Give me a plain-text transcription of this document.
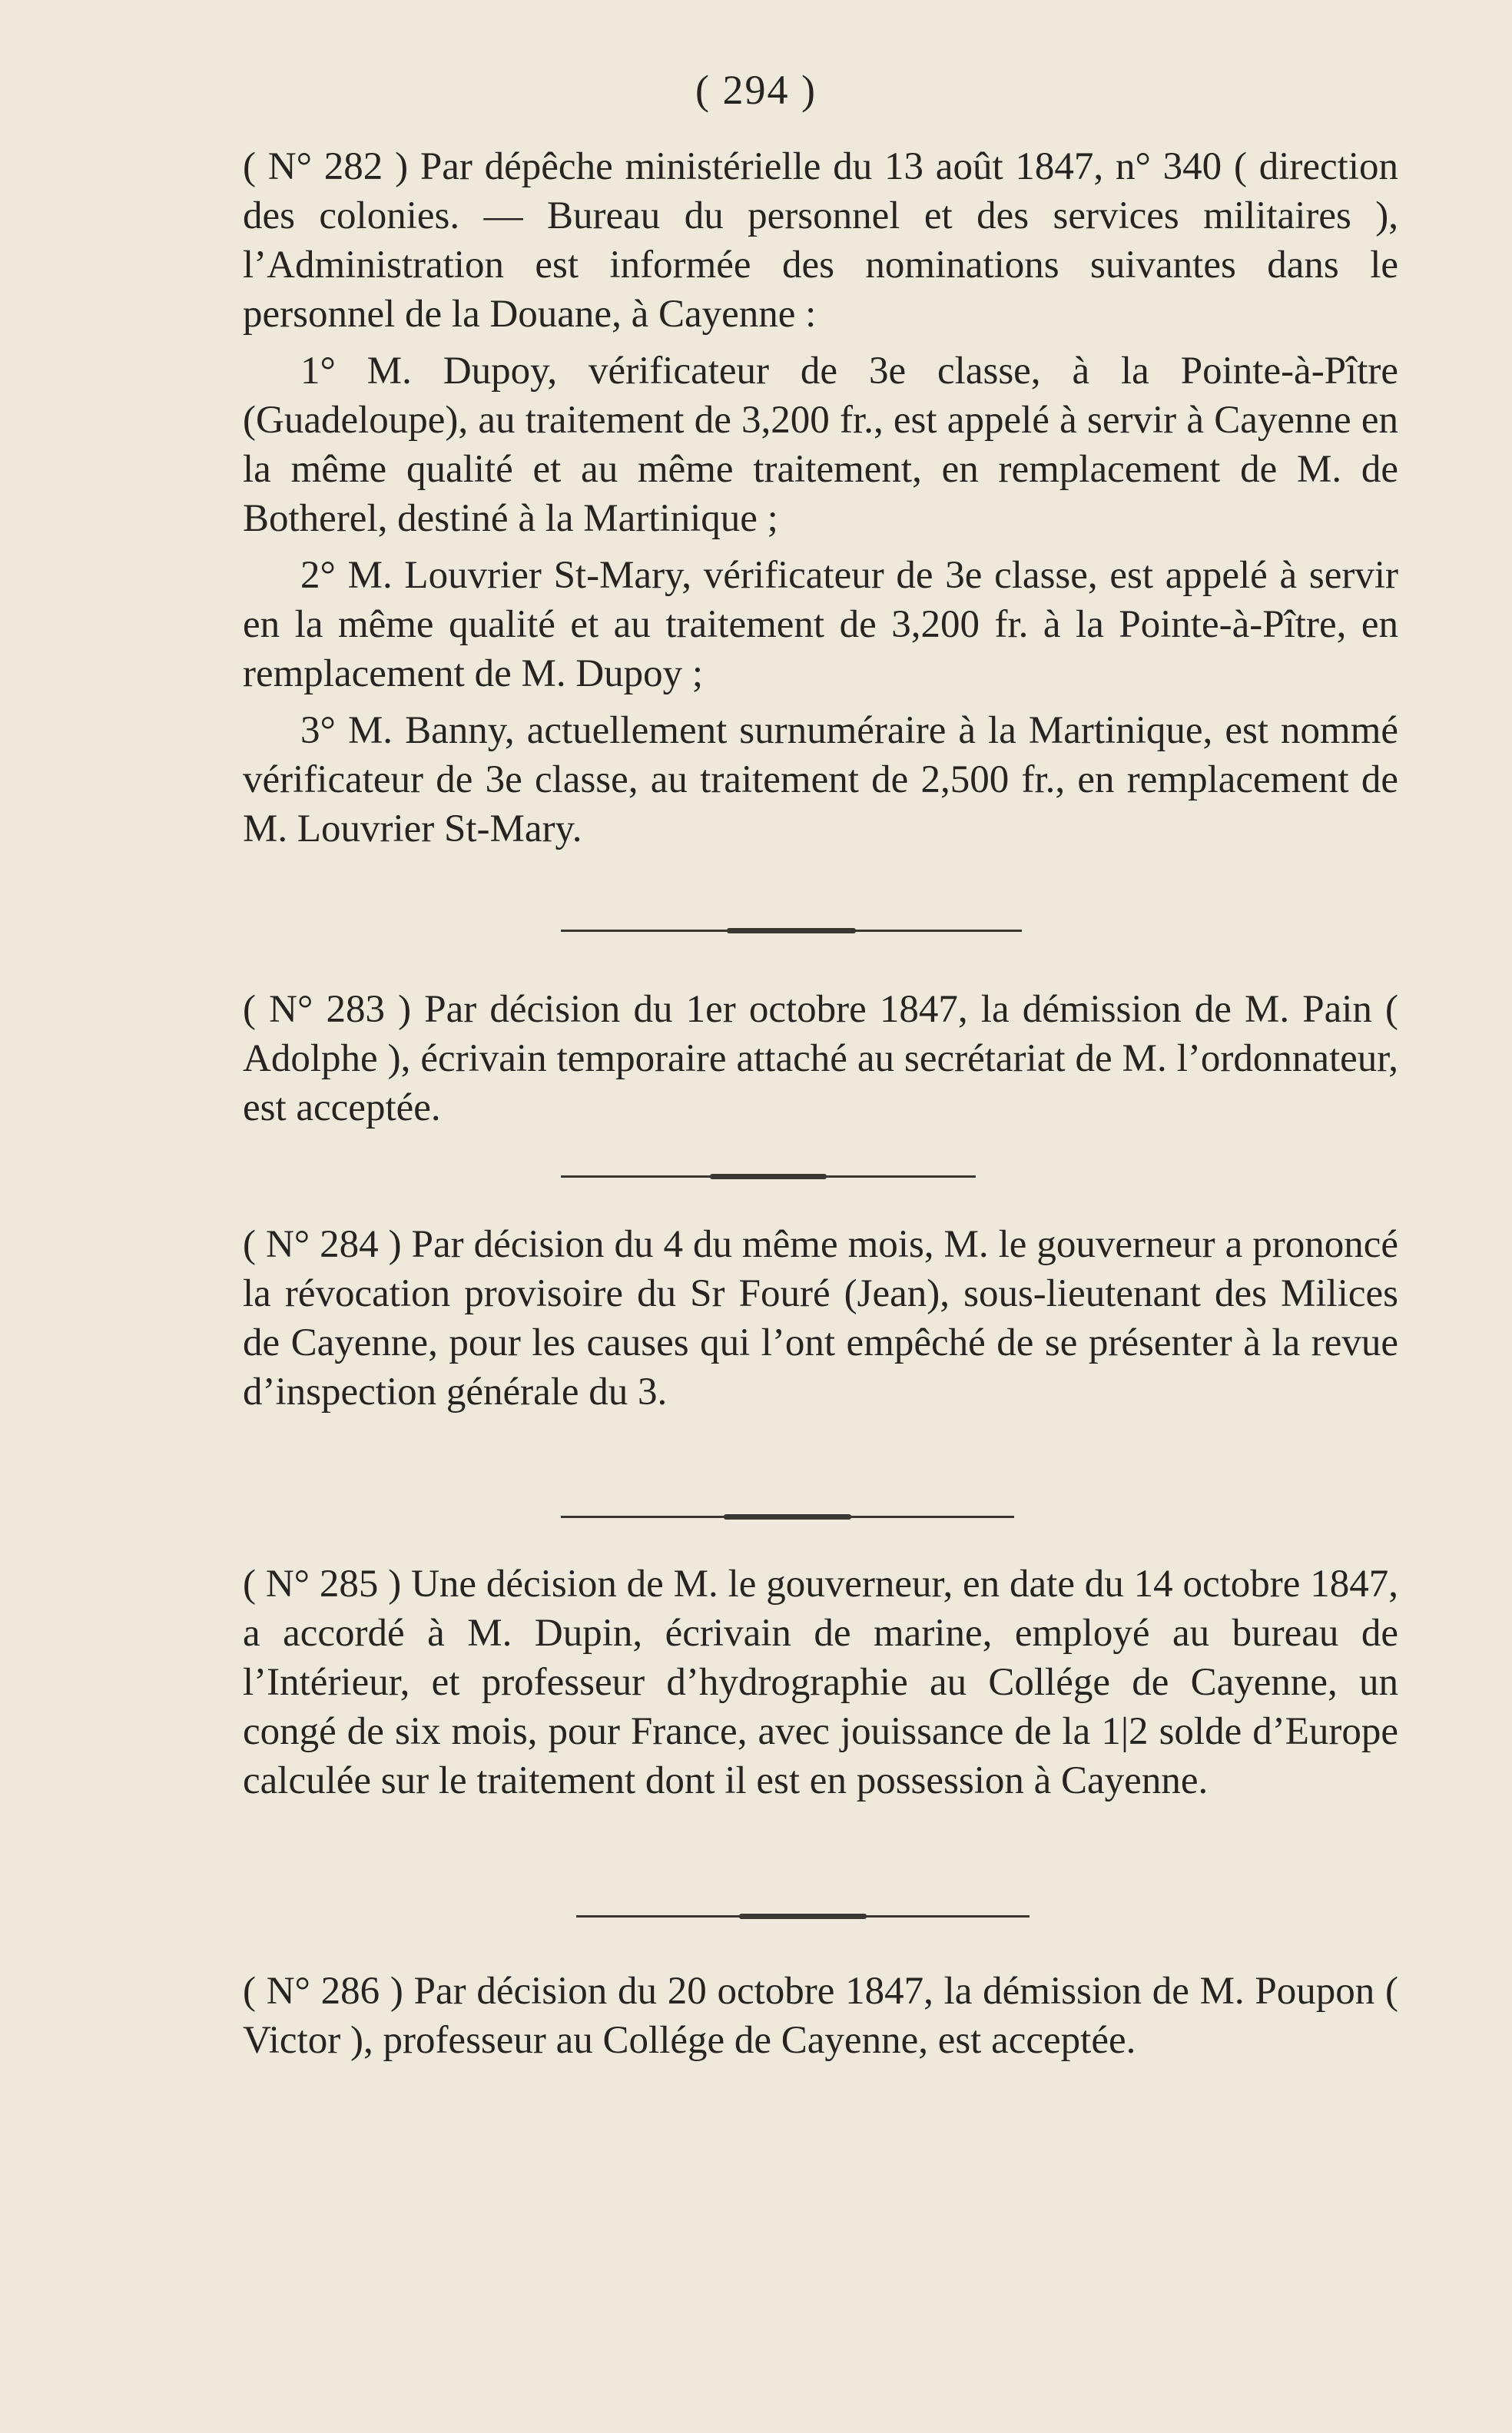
( 294 )

( N° 282 ) Par dépêche ministérielle du 13 août 1847, n° 340 ( direction des colonies. — Bureau du personnel et des services militaires ), l’Administration est informée des nominations suivantes dans le personnel de la Douane, à Cayenne :

1° M. Dupoy, vérificateur de 3e classe, à la Pointe-à-Pître (Guadeloupe), au traitement de 3,200 fr., est appelé à servir à Cayenne en la même qualité et au même traitement, en remplacement de M. de Botherel, destiné à la Martinique ;

2° M. Louvrier St-Mary, vérificateur de 3e classe, est appelé à servir en la même qualité et au traitement de 3,200 fr. à la Pointe-à-Pître, en remplacement de M. Dupoy ;

3° M. Banny, actuellement surnuméraire à la Martinique, est nommé vérificateur de 3e classe, au traitement de 2,500 fr., en remplacement de M. Louvrier St-Mary.

( N° 283 ) Par décision du 1er octobre 1847, la démission de M. Pain ( Adolphe ), écrivain temporaire attaché au secrétariat de M. l’ordonnateur, est acceptée.

( N° 284 ) Par décision du 4 du même mois, M. le gouverneur a prononcé la révocation provisoire du Sr Fouré (Jean), sous-lieutenant des Milices de Cayenne, pour les causes qui l’ont empêché de se présenter à la revue d’inspection générale du 3.

( N° 285 ) Une décision de M. le gouverneur, en date du 14 octobre 1847, a accordé à M. Dupin, écrivain de marine, employé au bureau de l’Intérieur, et professeur d’hydrographie au Collége de Cayenne, un congé de six mois, pour France, avec jouissance de la 1|2 solde d’Europe calculée sur le traitement dont il est en possession à Cayenne.

( N° 286 ) Par décision du 20 octobre 1847, la démission de M. Poupon ( Victor ), professeur au Collége de Cayenne, est acceptée.
